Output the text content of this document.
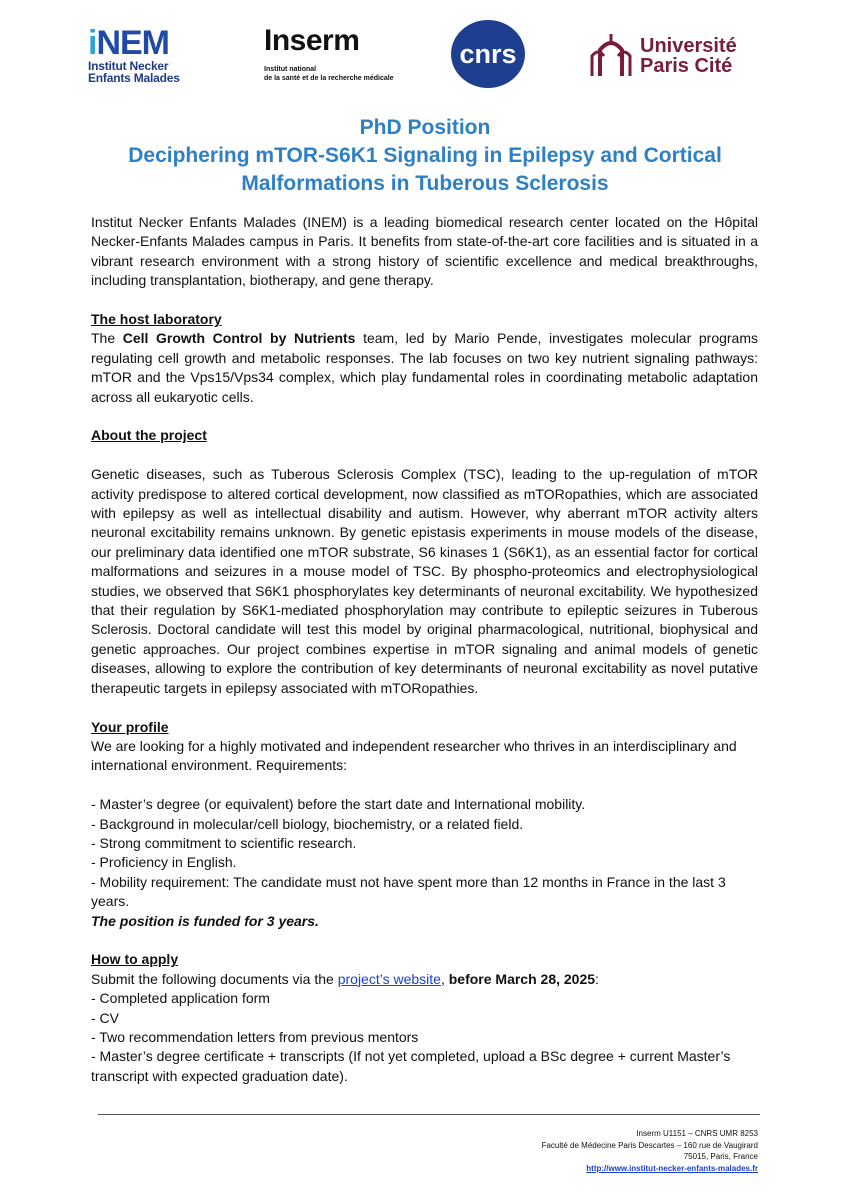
iNEM
Institut Necker
Enfants Malades
Inserm
Institut national
de la santé et de la recherche médicale
cnrs	Université
Paris Cité
PhD Position
Deciphering mTOR-S6K1 Signaling in Epilepsy and Cortical
Malformations in Tuberous Sclerosis

Institut Necker Enfants Malades (INEM) is a leading biomedical research center located on the Hôpital Necker-Enfants Malades campus in Paris. It benefits from state-of-the-art core facilities and is situated in a vibrant research environment with a strong history of scientific excellence and medical breakthroughs, including transplantation, biotherapy, and gene therapy.

The host laboratory

The Cell Growth Control by Nutrients team, led by Mario Pende, investigates molecular programs regulating cell growth and metabolic responses. The lab focuses on two key nutrient signaling pathways: mTOR and the Vps15/Vps34 complex, which play fundamental roles in coordinating metabolic adaptation across all eukaryotic cells.

About the project

Genetic diseases, such as Tuberous Sclerosis Complex (TSC), leading to the up-regulation of mTOR activity predispose to altered cortical development, now classified as mTORopathies, which are associated with epilepsy as well as intellectual disability and autism. However, why aberrant mTOR activity alters neuronal excitability remains unknown. By genetic epistasis experiments in mouse models of the disease, our preliminary data identified one mTOR substrate, S6 kinases 1 (S6K1), as an essential factor for cortical malformations and seizures in a mouse model of TSC. By phospho-proteomics and electrophysiological studies, we observed that S6K1 phosphorylates key determinants of neuronal excitability. We hypothesized that their regulation by S6K1-mediated phosphorylation may contribute to epileptic seizures in Tuberous Sclerosis. Doctoral candidate will test this model by original pharmacological, nutritional, biophysical and genetic approaches. Our project combines expertise in mTOR signaling and animal models of genetic diseases, allowing to explore the contribution of key determinants of neuronal excitability as novel putative therapeutic targets in epilepsy associated with mTORopathies.

Your profile

We are looking for a highly motivated and independent researcher who thrives in an interdisciplinary and international environment. Requirements:

- Master’s degree (or equivalent) before the start date and International mobility.

- Background in molecular/cell biology, biochemistry, or a related field.

- Strong commitment to scientific research.

- Proficiency in English.

- Mobility requirement: The candidate must not have spent more than 12 months in France in the last 3 years.

The position is funded for 3 years.

How to apply

Submit the following documents via the project’s website, before March 28, 2025:

- Completed application form

- CV

- Two recommendation letters from previous mentors

- Master’s degree certificate + transcripts (If not yet completed, upload a BSc degree + current Master’s transcript with expected graduation date).

Inserm U1151 – CNRS UMR 8253
Faculté de Médecine Paris Descartes – 160 rue de Vaugirard
75015, Paris, France
http://www.institut-necker-enfants-malades.fr
